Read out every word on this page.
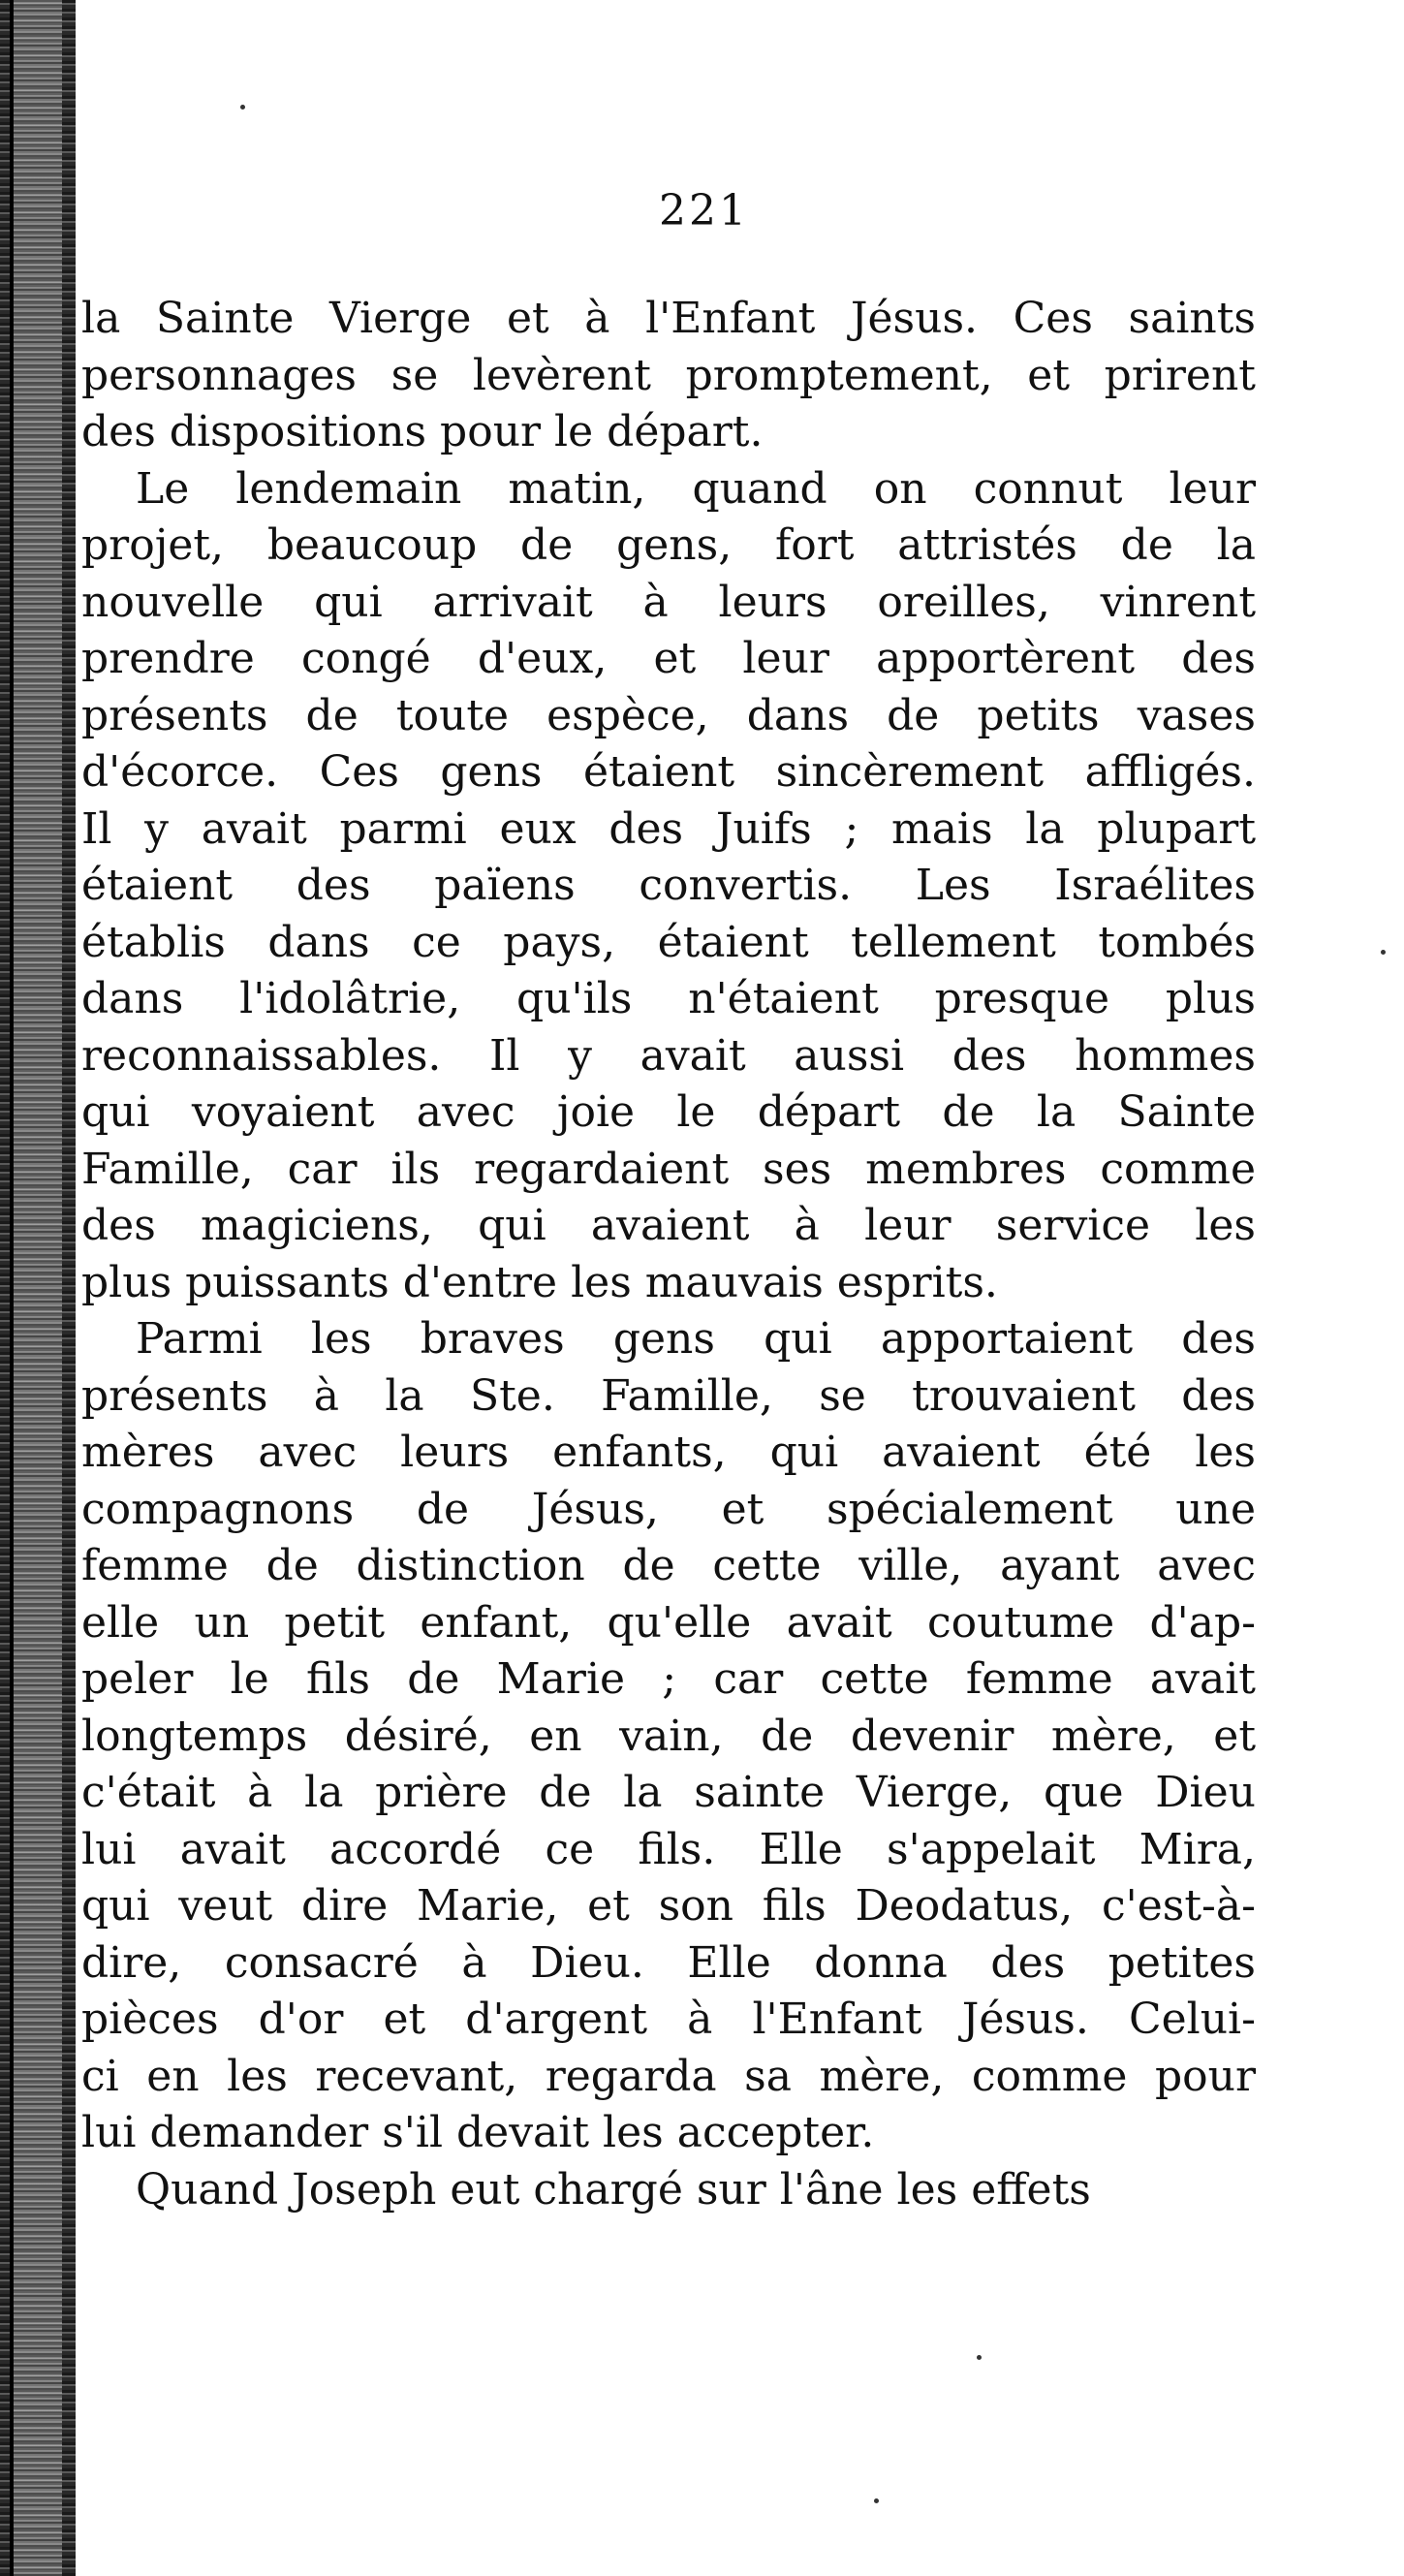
221
la Sainte Vierge et à l'Enfant Jésus. Ces saints
personnages se levèrent promptement, et prirent
des dispositions pour le départ.
Le lendemain matin, quand on connut leur
projet, beaucoup de gens, fort attristés de la
nouvelle qui arrivait à leurs oreilles, vinrent
prendre congé d'eux, et leur apportèrent des
présents de toute espèce, dans de petits vases
d'écorce. Ces gens étaient sincèrement affligés.
Il y avait parmi eux des Juifs ; mais la plupart
étaient des païens convertis. Les Israélites
établis dans ce pays, étaient tellement tombés
dans l'idolâtrie, qu'ils n'étaient presque plus
reconnaissables. Il y avait aussi des hommes
qui voyaient avec joie le départ de la Sainte
Famille, car ils regardaient ses membres comme
des magiciens, qui avaient à leur service les
plus puissants d'entre les mauvais esprits.
Parmi les braves gens qui apportaient des
présents à la Ste. Famille, se trouvaient des
mères avec leurs enfants, qui avaient été les
compagnons de Jésus, et spécialement une
femme de distinction de cette ville, ayant avec
elle un petit enfant, qu'elle avait coutume d'ap-
peler le fils de Marie ; car cette femme avait
longtemps désiré, en vain, de devenir mère, et
c'était à la prière de la sainte Vierge, que Dieu
lui avait accordé ce fils. Elle s'appelait Mira,
qui veut dire Marie, et son fils Deodatus, c'est-à-
dire, consacré à Dieu. Elle donna des petites
pièces d'or et d'argent à l'Enfant Jésus. Celui-
ci en les recevant, regarda sa mère, comme pour
lui demander s'il devait les accepter.
Quand Joseph eut chargé sur l'âne les effets
